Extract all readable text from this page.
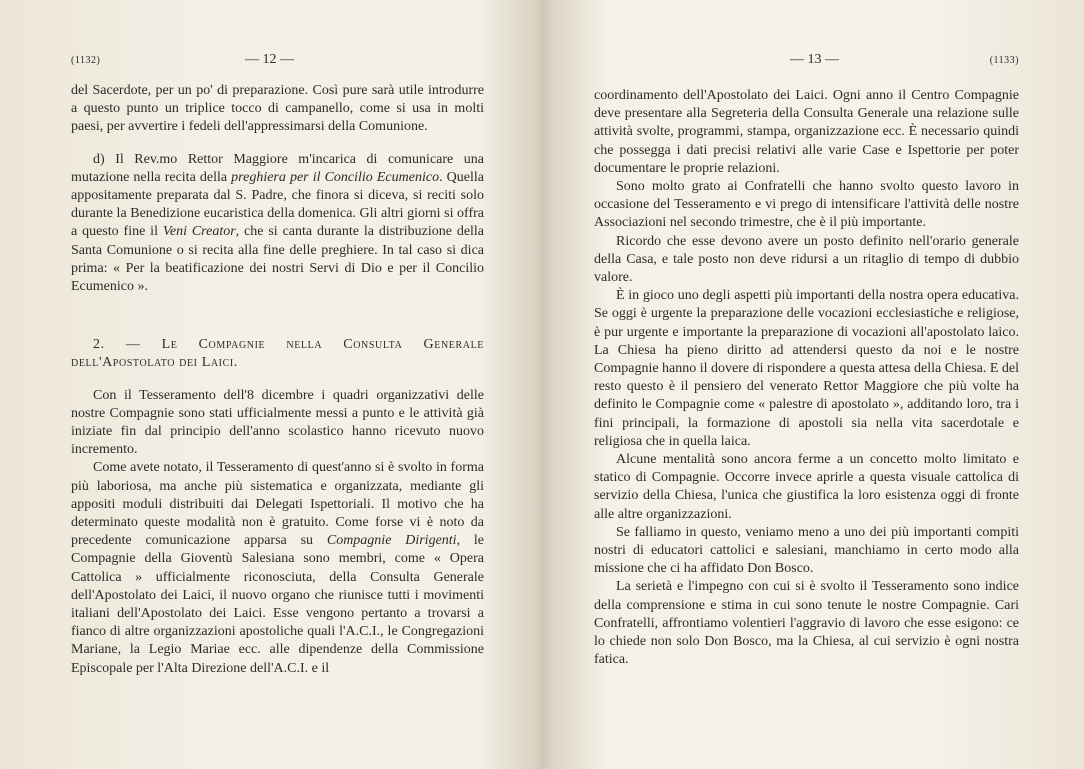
(1132)	— 12 —

del Sacerdote, per un po' di preparazione. Così pure sarà utile introdurre a questo punto un triplice tocco di campanello, come si usa in molti paesi, per avvertire i fedeli dell'appressimarsi della Comunione.

d) Il Rev.mo Rettor Maggiore m'incarica di comunicare una mutazione nella recita della preghiera per il Concilio Ecumenico. Quella appositamente preparata dal S. Padre, che finora si diceva, si reciti solo durante la Benedizione eucaristica della domenica. Gli altri giorni si offra a questo fine il Veni Creator, che si canta durante la distribuzione della Santa Comunione o si recita alla fine delle preghiere. In tal caso si dica prima: « Per la beatificazione dei nostri Servi di Dio e per il Concilio Ecumenico ».

2. — Le Compagnie nella Consulta Generale dell'Apostolato dei Laici.

Con il Tesseramento dell'8 dicembre i quadri organizzativi delle nostre Compagnie sono stati ufficialmente messi a punto e le attività già iniziate fin dal principio dell'anno scolastico hanno ricevuto nuovo incremento.

Come avete notato, il Tesseramento di quest'anno si è svolto in forma più laboriosa, ma anche più sistematica e organizzata, mediante gli appositi moduli distribuiti dai Delegati Ispettoriali. Il motivo che ha determinato queste modalità non è gratuito. Come forse vi è noto da precedente comunicazione apparsa su Compagnie Dirigenti, le Compagnie della Gioventù Salesiana sono membri, come « Opera Cattolica » ufficialmente riconosciuta, della Consulta Generale dell'Apostolato dei Laici, il nuovo organo che riunisce tutti i movimenti italiani dell'Apostolato dei Laici. Esse vengono pertanto a trovarsi a fianco di altre organizzazioni apostoliche quali l'A.C.I., le Congregazioni Mariane, la Legio Mariae ecc. alle dipendenze della Commissione Episcopale per l'Alta Direzione dell'A.C.I. e il

— 13 —	(1133)

coordinamento dell'Apostolato dei Laici. Ogni anno il Centro Compagnie deve presentare alla Segreteria della Consulta Generale una relazione sulle attività svolte, programmi, stampa, organizzazione ecc. È necessario quindi che possegga i dati precisi relativi alle varie Case e Ispettorie per poter documentare le proprie relazioni.

Sono molto grato ai Confratelli che hanno svolto questo lavoro in occasione del Tesseramento e vi prego di intensificare l'attività delle nostre Associazioni nel secondo trimestre, che è il più importante.

Ricordo che esse devono avere un posto definito nell'orario generale della Casa, e tale posto non deve ridursi a un ritaglio di tempo di dubbio valore.

È in gioco uno degli aspetti più importanti della nostra opera educativa. Se oggi è urgente la preparazione delle vocazioni ecclesiastiche e religiose, è pur urgente e importante la preparazione di vocazioni all'apostolato laico. La Chiesa ha pieno diritto ad attendersi questo da noi e le nostre Compagnie hanno il dovere di rispondere a questa attesa della Chiesa. E del resto questo è il pensiero del venerato Rettor Maggiore che più volte ha definito le Compagnie come « palestre di apostolato », additando loro, tra i fini principali, la formazione di apostoli sia nella vita sacerdotale e religiosa che in quella laica.

Alcune mentalità sono ancora ferme a un concetto molto limitato e statico di Compagnie. Occorre invece aprirle a questa visuale cattolica di servizio della Chiesa, l'unica che giustifica la loro esistenza oggi di fronte alle altre organizzazioni.

Se falliamo in questo, veniamo meno a uno dei più importanti compiti nostri di educatori cattolici e salesiani, manchiamo in certo modo alla missione che ci ha affidato Don Bosco.

La serietà e l'impegno con cui si è svolto il Tesseramento sono indice della comprensione e stima in cui sono tenute le nostre Compagnie. Cari Confratelli, affrontiamo volentieri l'aggravio di lavoro che esse esigono: ce lo chiede non solo Don Bosco, ma la Chiesa, al cui servizio è ogni nostra fatica.
